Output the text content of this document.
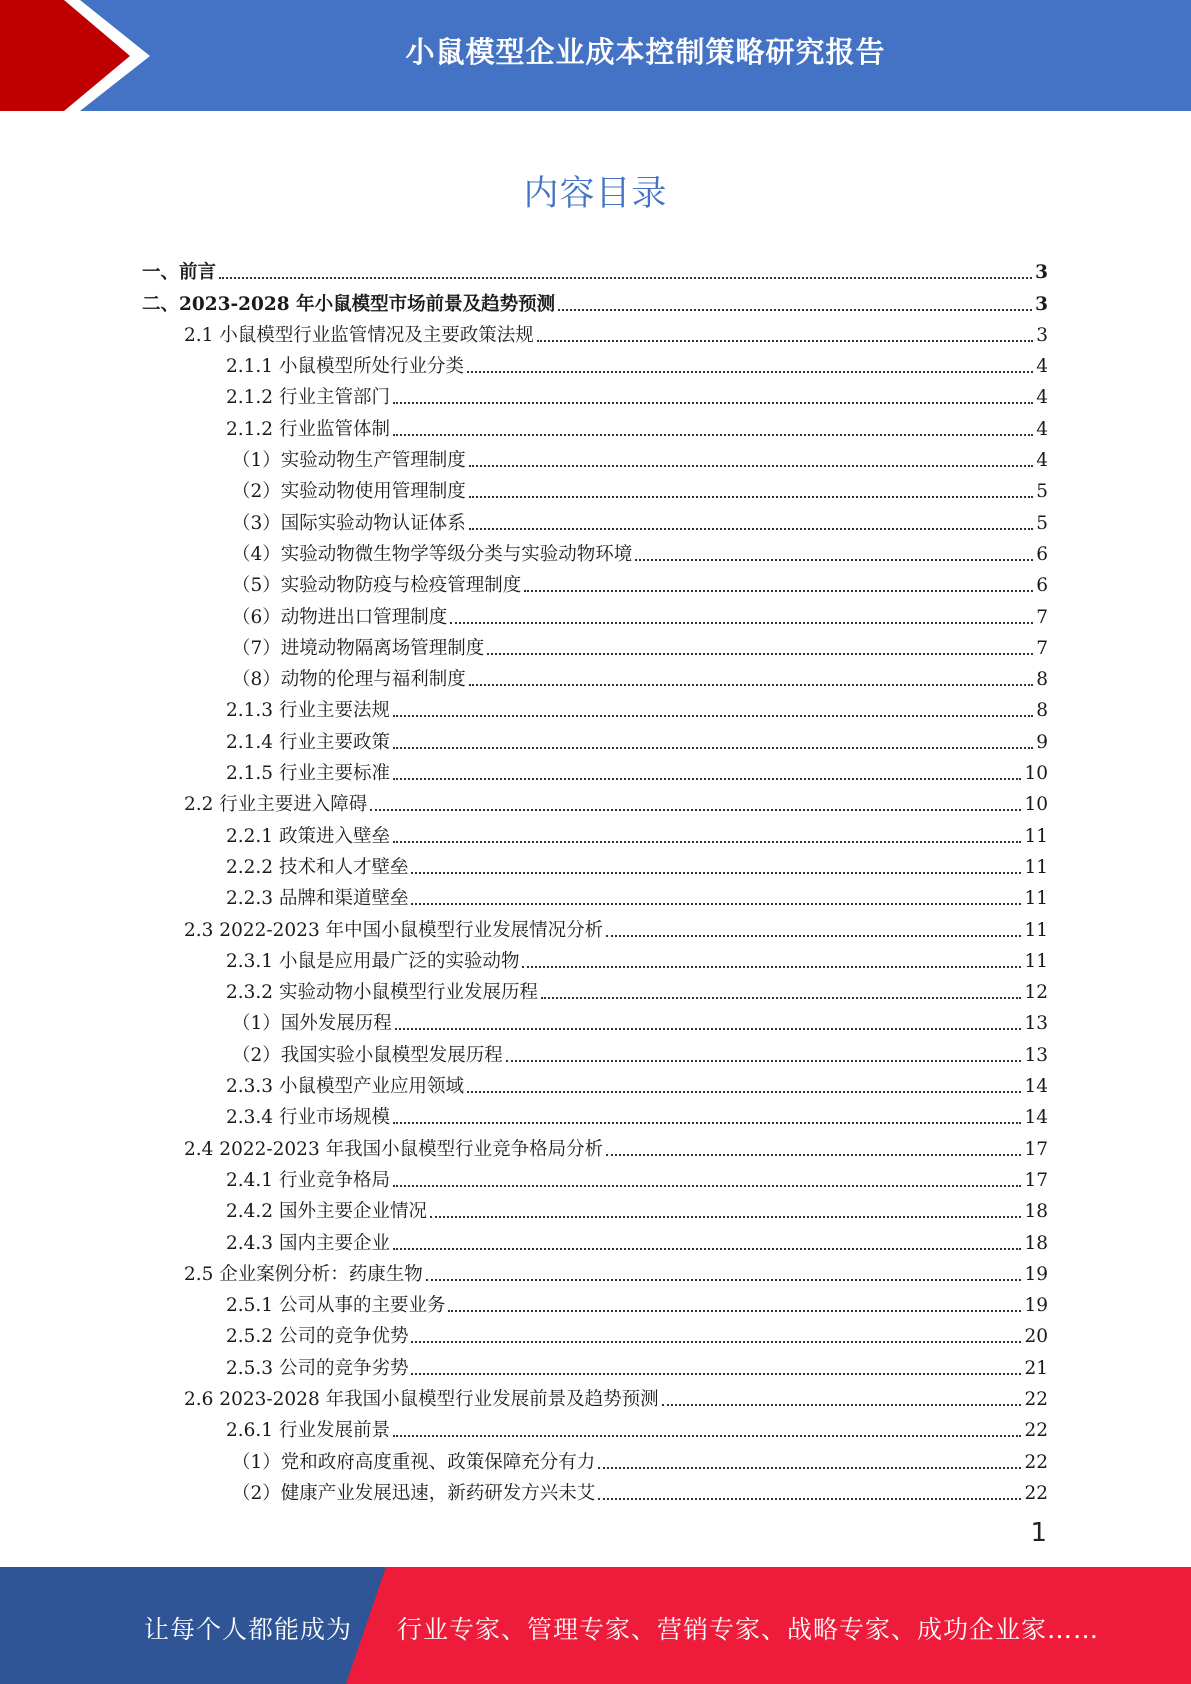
小鼠模型企业成本控制策略研究报告
内容目录
一、前言	3
二、2023-2028 年小鼠模型市场前景及趋势预测	3
2.1 小鼠模型行业监管情况及主要政策法规	3
2.1.1 小鼠模型所处行业分类	4
2.1.2 行业主管部门	4
2.1.2 行业监管体制	4
（1）实验动物生产管理制度	4
（2）实验动物使用管理制度	5
（3）国际实验动物认证体系	5
（4）实验动物微生物学等级分类与实验动物环境	6
（5）实验动物防疫与检疫管理制度	6
（6）动物进出口管理制度	7
（7）进境动物隔离场管理制度	7
（8）动物的伦理与福利制度	8
2.1.3 行业主要法规	8
2.1.4 行业主要政策	9
2.1.5 行业主要标准	10
2.2 行业主要进入障碍	10
2.2.1 政策进入壁垒	11
2.2.2 技术和人才壁垒	11
2.2.3 品牌和渠道壁垒	11
2.3 2022-2023 年中国小鼠模型行业发展情况分析	11
2.3.1 小鼠是应用最广泛的实验动物	11
2.3.2 实验动物小鼠模型行业发展历程	12
（1）国外发展历程	13
（2）我国实验小鼠模型发展历程	13
2.3.3 小鼠模型产业应用领域	14
2.3.4 行业市场规模	14
2.4 2022-2023 年我国小鼠模型行业竞争格局分析	17
2.4.1 行业竞争格局	17
2.4.2 国外主要企业情况	18
2.4.3 国内主要企业	18
2.5 企业案例分析：药康生物	19
2.5.1 公司从事的主要业务	19
2.5.2 公司的竞争优势	20
2.5.3 公司的竞争劣势	21
2.6 2023-2028 年我国小鼠模型行业发展前景及趋势预测	22
2.6.1 行业发展前景	22
（1）党和政府高度重视、政策保障充分有力	22
（2）健康产业发展迅速，新药研发方兴未艾	22
1
让每个人都能成为 行业专家、管理专家、营销专家、战略专家、成功企业家……
